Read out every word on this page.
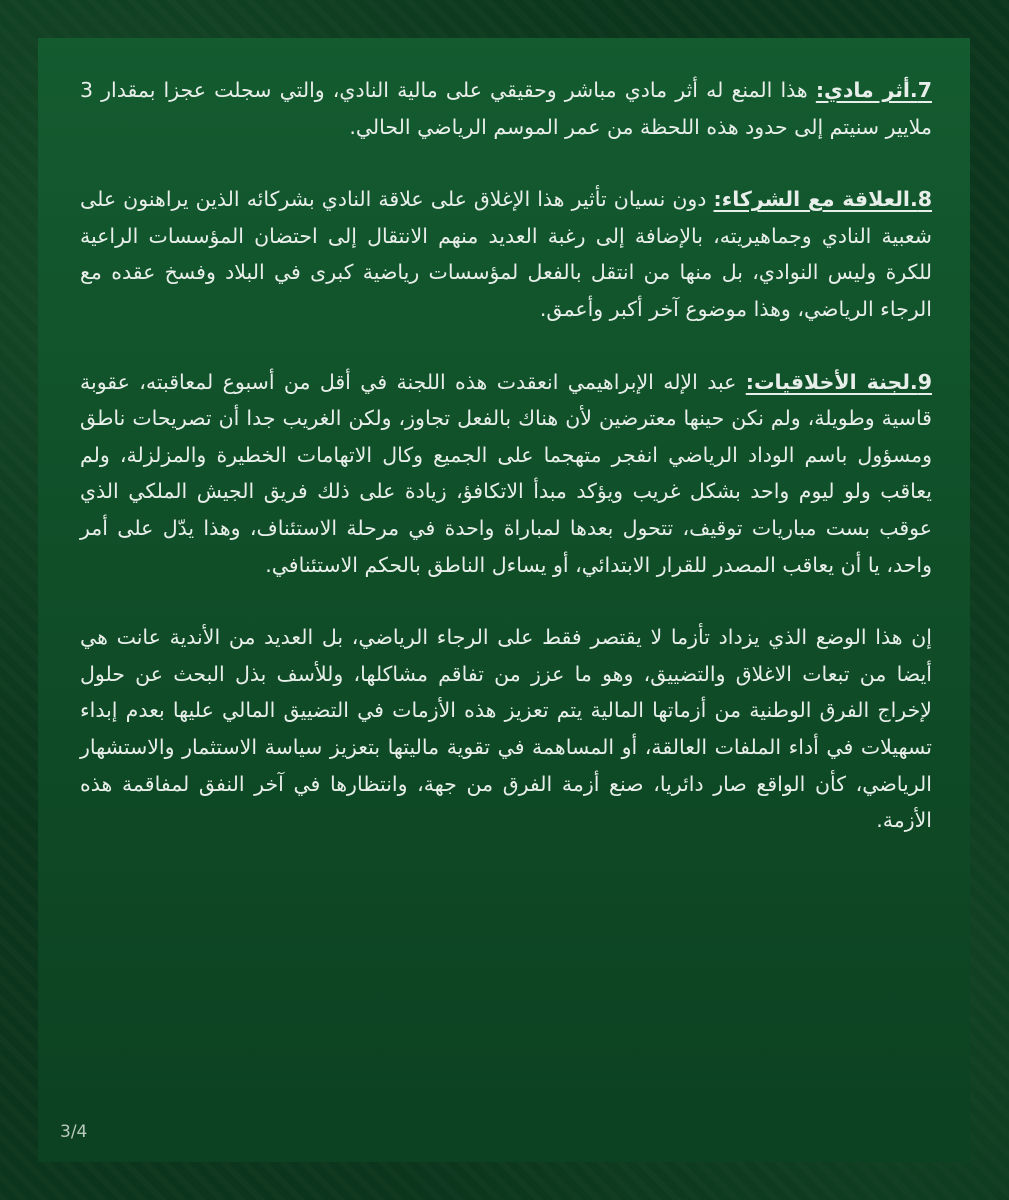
7.أثر مادي: هذا المنع له أثر مادي مباشر وحقيقي على مالية النادي، والتي سجلت عجزا بمقدار 3 ملايير سنيتم إلى حدود هذه اللحظة من عمر الموسم الرياضي الحالي.

8.العلاقة مع الشركاء: دون نسيان تأثير هذا الإغلاق على علاقة النادي بشركائه الذين يراهنون على شعبية النادي وجماهيريته، بالإضافة إلى رغبة العديد منهم الانتقال إلى احتضان المؤسسات الراعية للكرة وليس النوادي، بل منها من انتقل بالفعل لمؤسسات رياضية كبرى في البلاد وفسخ عقده مع الرجاء الرياضي، وهذا موضوع آخر أكبر وأعمق.

9.لجنة الأخلاقيات: عبد الإله الإبراهيمي انعقدت هذه اللجنة في أقل من أسبوع لمعاقبته، عقوبة قاسية وطويلة، ولم نكن حينها معترضين لأن هناك بالفعل تجاوز، ولكن الغريب جدا أن تصريحات ناطق ومسؤول باسم الوداد الرياضي انفجر متهجما على الجميع وكال الاتهامات الخطيرة والمزلزلة، ولم يعاقب ولو ليوم واحد بشكل غريب ويؤكد مبدأ الاتكافؤ، زيادة على ذلك فريق الجيش الملكي الذي عوقب بست مباريات توقيف، تتحول بعدها لمباراة واحدة في مرحلة الاستئناف، وهذا يدّل على أمر واحد، يا أن يعاقب المصدر للقرار الابتدائي، أو يساءل الناطق بالحكم الاستئنافي.

إن هذا الوضع الذي يزداد تأزما لا يقتصر فقط على الرجاء الرياضي، بل العديد من الأندية عانت هي أيضا من تبعات الاغلاق والتضييق، وهو ما عزز من تفاقم مشاكلها، وللأسف بذل البحث عن حلول لإخراج الفرق الوطنية من أزماتها المالية يتم تعزيز هذه الأزمات في التضييق المالي عليها بعدم إبداء تسهيلات في أداء الملفات العالقة، أو المساهمة في تقوية ماليتها بتعزيز سياسة الاستثمار والاستشهار الرياضي، كأن الواقع صار دائريا، صنع أزمة الفرق من جهة، وانتظارها في آخر النفق لمفاقمة هذه الأزمة.

3/4
